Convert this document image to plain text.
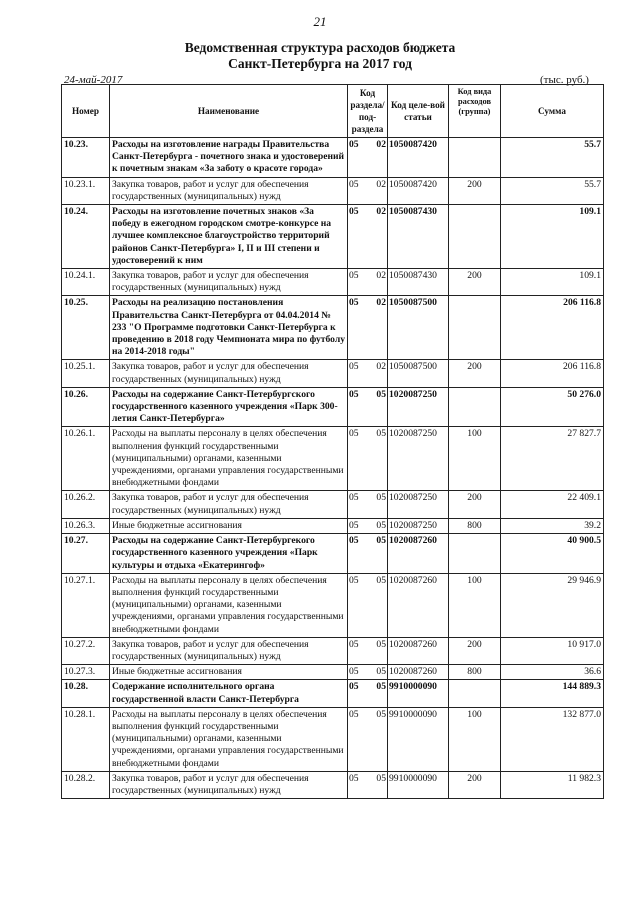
21
Ведомственная структура расходов бюджета
Санкт-Петербурга на 2017 год
24-май-2017	(тыс. руб.)
Номер	Наименование	Код раздела/ под-раздела	Код целе-вой статьи	Код вида расходов (группа)	Сумма
10.23.	Расходы на изготовление награды Правительства Санкт-Петербурга - почетного знака и удостоверений к почетным знакам «За заботу о красоте города»	05 02	1050087420		55.7
10.23.1.	Закупка товаров, работ и услуг для обеспечения государственных (муниципальных) нужд	05 02	1050087420	200	55.7
10.24.	Расходы на изготовление почетных знаков «За победу в ежегодном городском смотре-конкурсе на лучшее комплексное благоустройство территорий районов Санкт-Петербурга» I, II и III степени и удостоверений к ним	05 02	1050087430		109.1
10.24.1.	Закупка товаров, работ и услуг для обеспечения государственных (муниципальных) нужд	05 02	1050087430	200	109.1
10.25.	Расходы на реализацию постановления Правительства Санкт-Петербурга от 04.04.2014 № 233 "О Программе подготовки Санкт-Петербурга к проведению в 2018 году Чемпионата мира по футболу на 2014-2018 годы"	05 02	1050087500		206 116.8
10.25.1.	Закупка товаров, работ и услуг для обеспечения государственных (муниципальных) нужд	05 02	1050087500	200	206 116.8
10.26.	Расходы на содержание Санкт-Петербургского государственного казенного учреждения «Парк 300-летия Санкт-Петербурга»	05 05	1020087250		50 276.0
10.26.1.	Расходы на выплаты персоналу в целях обеспечения выполнения функций государственными (муниципальными) органами, казенными учреждениями, органами управления государственными внебюджетными фондами	05 05	1020087250	100	27 827.7
10.26.2.	Закупка товаров, работ и услуг для обеспечения государственных (муниципальных) нужд	05 05	1020087250	200	22 409.1
10.26.3.	Иные бюджетные ассигнования	05 05	1020087250	800	39.2
10.27.	Расходы на содержание Санкт-Петербургекого государственного казенного учреждения «Парк культуры и отдыха «Екатерингоф»	05 05	1020087260		40 900.5
10.27.1.	Расходы на выплаты персоналу в целях обеспечения выполнения функций государственными (муниципальными) органами, казенными учреждениями, органами управления государственными внебюджетными фондами	05 05	1020087260	100	29 946.9
10.27.2.	Закупка товаров, работ и услуг для обеспечения государственных (муниципальных) нужд	05 05	1020087260	200	10 917.0
10.27.3.	Иные бюджетные ассигнования	05 05	1020087260	800	36.6
10.28.	Содержание исполнительного органа государственной власти Санкт-Петербурга	05 05	9910000090		144 889.3
10.28.1.	Расходы на выплаты персоналу в целях обеспечения выполнения функций государственными (муниципальными) органами, казенными учреждениями, органами управления государственными внебюджетными фондами	05 05	9910000090	100	132 877.0
10.28.2.	Закупка товаров, работ и услуг для обеспечения государственных (муниципальных) нужд	05 05	9910000090	200	11 982.3
